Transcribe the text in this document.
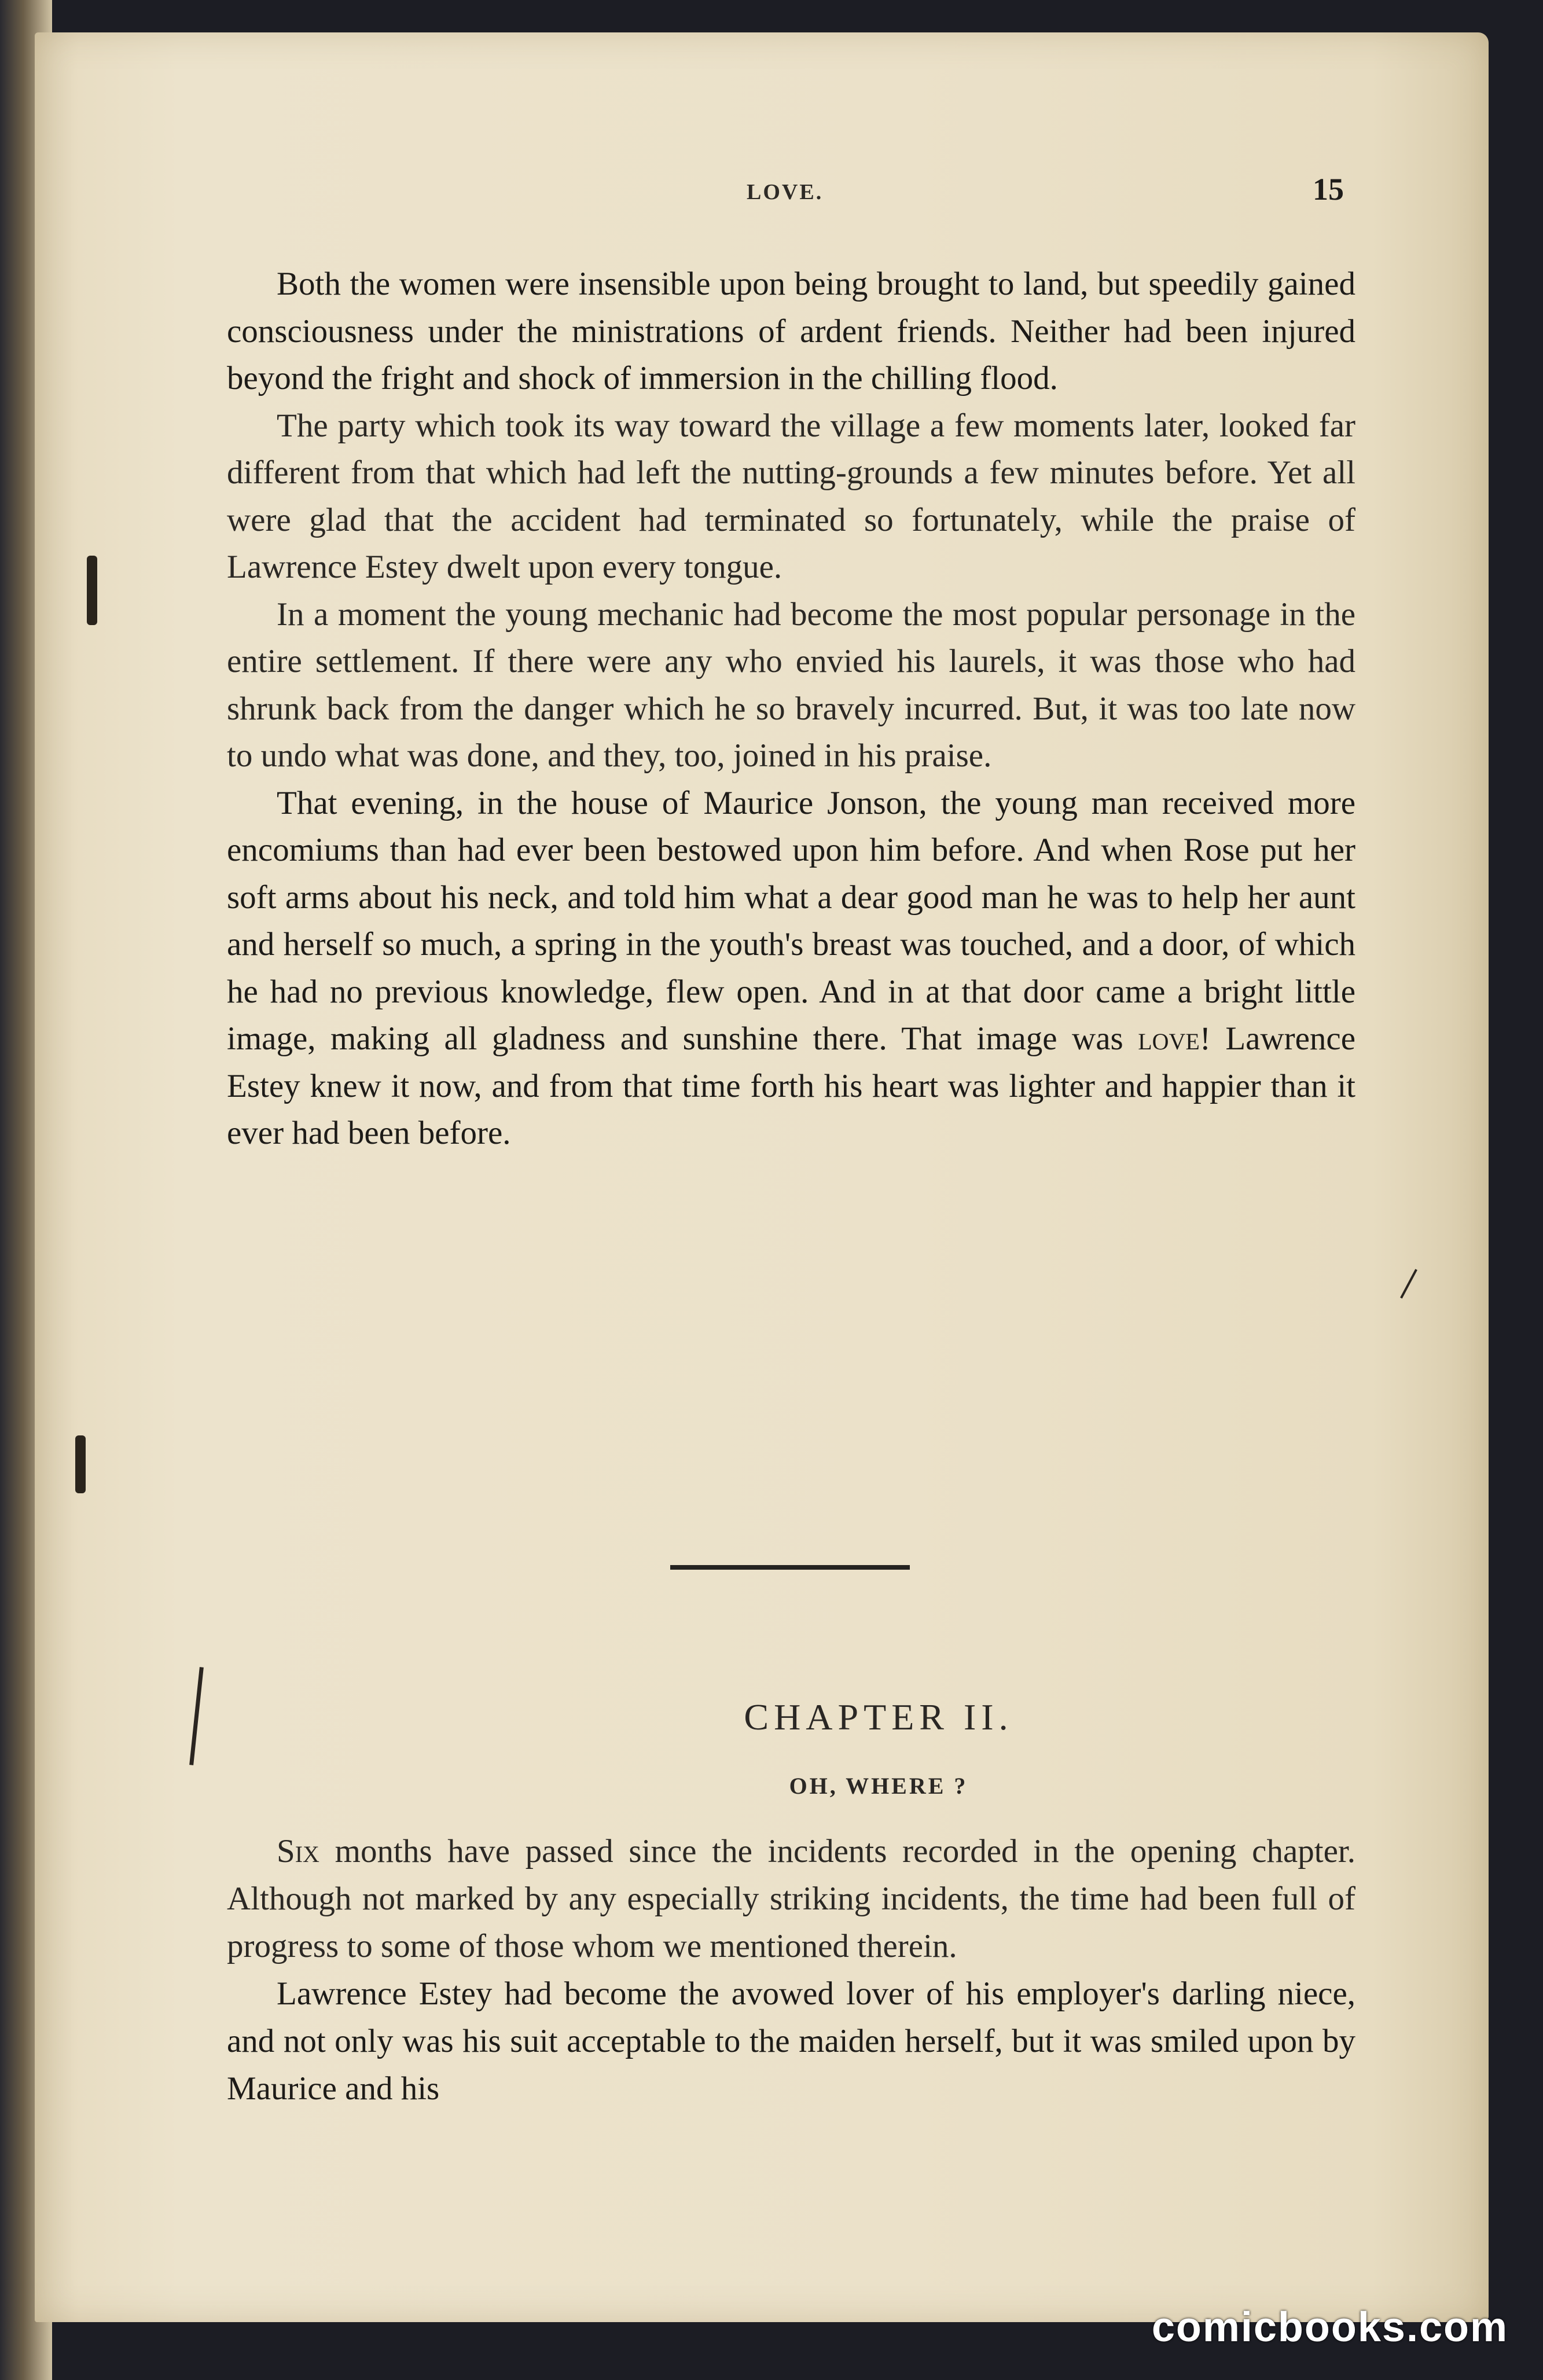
LOVE.	15

Both the women were insensible upon being brought to land, but speedily gained consciousness under the ministrations of ardent friends. Neither had been injured beyond the fright and shock of immersion in the chilling flood.

The party which took its way toward the village a few moments later, looked far different from that which had left the nutting-grounds a few minutes before. Yet all were glad that the accident had terminated so fortunately, while the praise of Lawrence Estey dwelt upon every tongue.

In a moment the young mechanic had become the most popular personage in the entire settlement. If there were any who envied his laurels, it was those who had shrunk back from the danger which he so bravely incurred. But, it was too late now to undo what was done, and they, too, joined in his praise.

That evening, in the house of Maurice Jonson, the young man received more encomiums than had ever been bestowed upon him before. And when Rose put her soft arms about his neck, and told him what a dear good man he was to help her aunt and herself so much, a spring in the youth's breast was touched, and a door, of which he had no previous knowledge, flew open. And in at that door came a bright little image, making all gladness and sunshine there. That image was love! Lawrence Estey knew it now, and from that time forth his heart was lighter and happier than it ever had been before.

CHAPTER II.
OH, WHERE ?

Six months have passed since the incidents recorded in the opening chapter. Although not marked by any especially striking incidents, the time had been full of progress to some of those whom we mentioned therein.

Lawrence Estey had become the avowed lover of his employer's darling niece, and not only was his suit acceptable to the maiden herself, but it was smiled upon by Maurice and his

comicbooks.com
